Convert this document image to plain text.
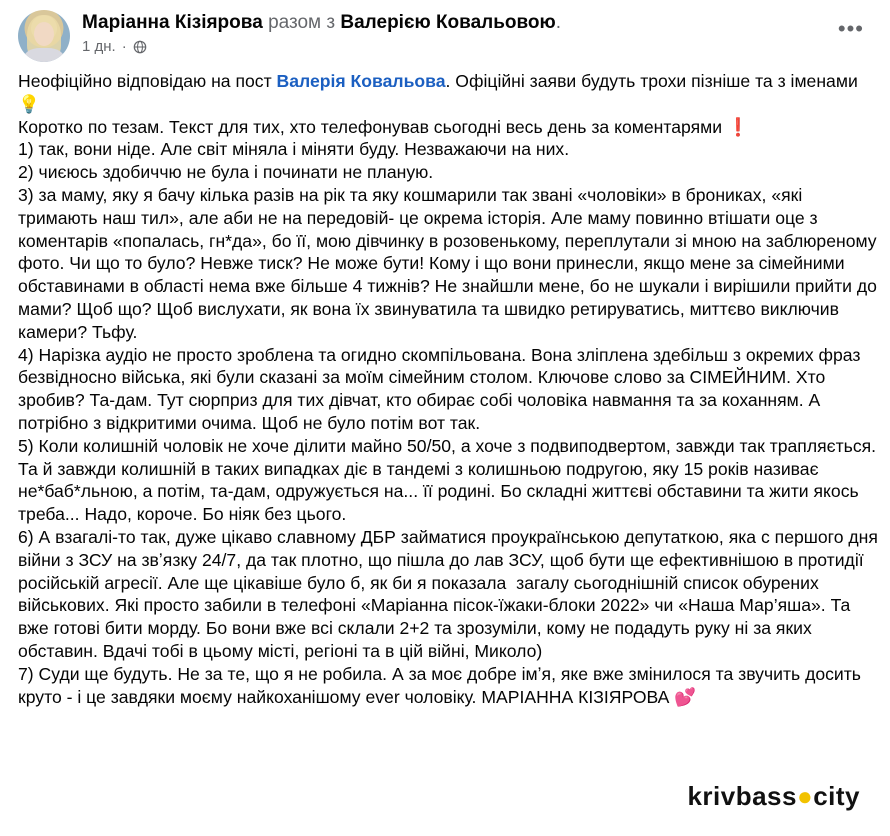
Маріанна Кізіярова разом з Валерією Ковальовою.
1 дн. ·
•••

Неофіційно відповідаю на пост Валерія Ковальова. Офіційні заяви будуть трохи пізніше та з іменами 💡

Коротко по тезам. Текст для тих, хто телефонував сьогодні весь день за коментарями ❗

1) так, вони ніде. Але світ міняла і міняти буду. Незважаючи на них.

2) чиєюсь здобиччю не була і починати не планую.

3) за маму, яку я бачу кілька разів на рік та яку кошмарили так звані «чоловіки» в брониках, «які тримають наш тил», але аби не на передовій- це окрема історія. Але маму повинно втішати оце з коментарів «попалась, гн*да», бо її, мою дівчинку в розовенькому, переплутали зі мною на заблюреному фото. Чи що то було? Невже тиск? Не може бути! Кому і що вони принесли, якщо мене за сімейними обставинами в області нема вже більше 4 тижнів? Не знайшли мене, бо не шукали і вирішили прийти до мами? Щоб що? Щоб вислухати, як вона їх звинуватила та швидко ретируватись, миттєво виключив камери? Тьфу.

4) Нарізка аудіо не просто зроблена та огидно скомпільована. Вона зліплена здебільш з окремих фраз безвідносно війська, які були сказані за моїм сімейним столом. Ключове слово за СІМЕЙНИМ. Хто зробив? Та-дам. Тут сюрприз для тих дівчат, кто обирає собі чоловіка навмання та за коханням. А потрібно з відкритими очима. Щоб не було потім вот так.

5) Коли колишній чоловік не хоче ділити майно 50/50, а хоче з подвиподвертом, завжди так трапляється. Та й завжди колишній в таких випадках діє в тандемі з колишньою подругою, яку 15 років називає не*баб*льною, а потім, та-дам, одружується на... її родині. Бо складні життєві обставини та жити якось треба... Надо, короче. Бо ніяк без цього.

6) А взагалі-то так, дуже цікаво славному ДБР займатися проукраїнською депутаткою, яка с першого дня війни з ЗСУ на звʼязку 24/7, да так плотно, що пішла до лав ЗСУ, щоб бути ще ефективнішою в протидії російській агресії. Але ще цікавіше було б, як би я показала  загалу сьогоднішній список обурених військових. Які просто забили в телефоні «Маріанна пісок-їжаки-блоки 2022» чи «Наша Мар’яша». Та вже готові бити морду. Бо вони вже всі склали 2+2 та зрозуміли, кому не подадуть руку ні за яких обставин. Вдачі тобі в цьому місті, регіоні та в цій війні, Миколо)

7) Суди ще будуть. Не за те, що я не робила. А за моє добре імʼя, яке вже змінилося та звучить досить круто - і це завдяки моєму найкоханішому ever чоловіку. МАРІАННА КІЗІЯРОВА 💕

krivbass●city
